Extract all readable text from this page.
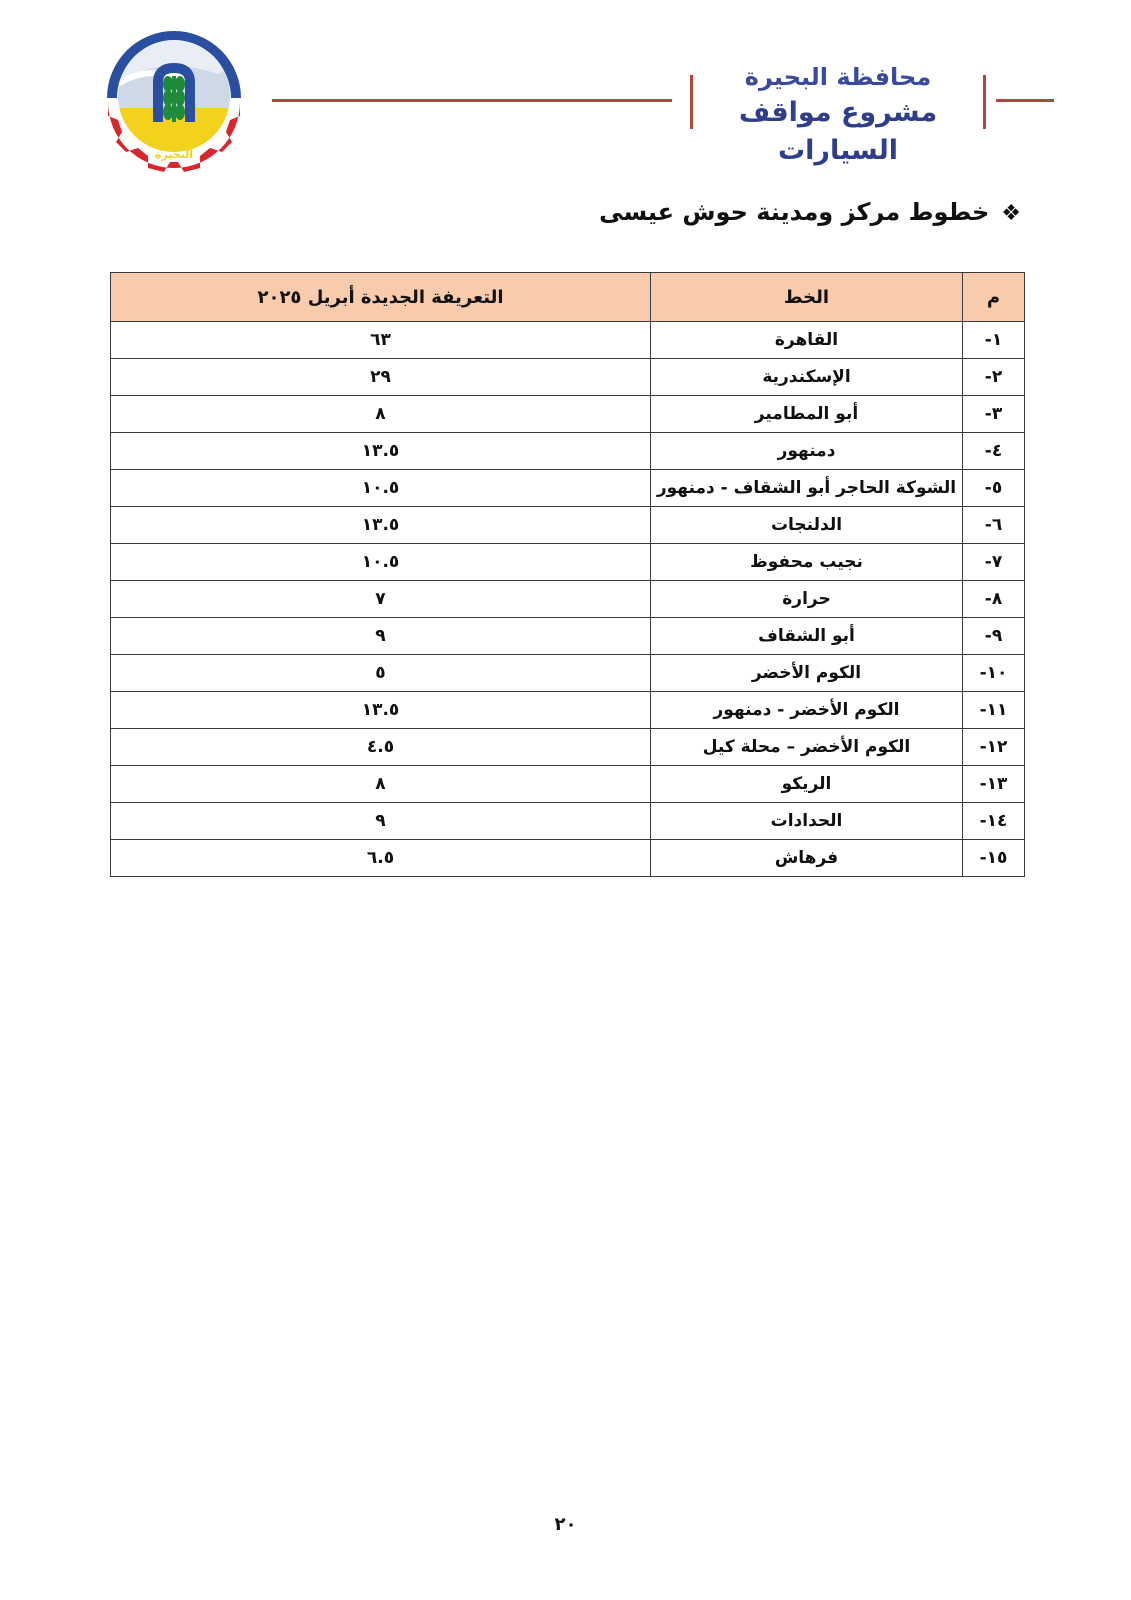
البحيرة
محافظة البحيرة
مشروع مواقف السيارات
❖خطوط مركز ومدينة حوش عيسى
م	الخط	التعريفة الجديدة أبريل ٢٠٢٥
١-	القاهرة	٦٣
٢-	الإسكندرية	٢٩
٣-	أبو المطامير	٨
٤-	دمنهور	١٣.٥
٥-	الشوكة الحاجر أبو الشقاف - دمنهور	١٠.٥
٦-	الدلنجات	١٣.٥
٧-	نجيب محفوظ	١٠.٥
٨-	حرارة	٧
٩-	أبو الشقاف	٩
١٠-	الكوم الأخضر	٥
١١-	الكوم الأخضر - دمنهور	١٣.٥
١٢-	الكوم الأخضر – محلة كيل	٤.٥
١٣-	الريكو	٨
١٤-	الحدادات	٩
١٥-	فرهاش	٦.٥
٢٠
